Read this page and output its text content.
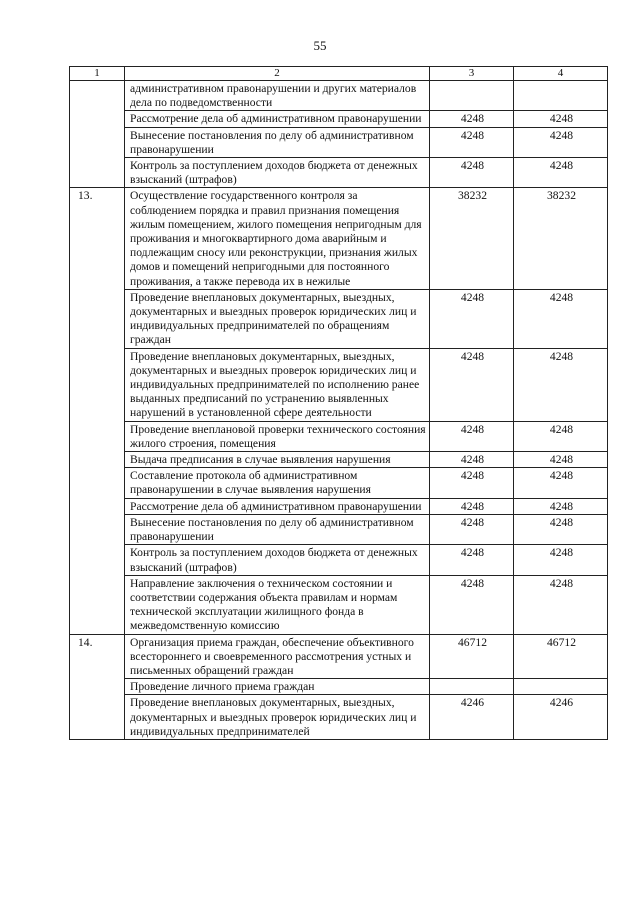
55
1	2	3	4
	административном правонарушении и других материалов дела по подведомственности		
	Рассмотрение дела об административном правонарушении	4248	4248
	Вынесение постановления по делу об административном правонарушении	4248	4248
	Контроль за поступлением доходов бюджета от денежных взысканий (штрафов)	4248	4248
13.	Осуществление государственного контроля за соблюдением порядка и правил признания помещения жилым помещением, жилого помещения непригодным для проживания и многоквартирного дома аварийным и подлежащим сносу или реконструкции, признания жилых домов и помещений непригодными для постоянного проживания, а также перевода их в нежилые	38232	38232
	Проведение внеплановых документарных, выездных, документарных и выездных проверок юридических лиц и индивидуальных предпринимателей по обращениям граждан	4248	4248
	Проведение внеплановых документарных, выездных, документарных и выездных проверок юридических лиц и индивидуальных предпринимателей по исполнению ранее выданных предписаний по устранению выявленных нарушений в установленной сфере деятельности	4248	4248
	Проведение внеплановой проверки технического состояния жилого строения, помещения	4248	4248
	Выдача предписания в случае выявления нарушения	4248	4248
	Составление протокола об административном правонарушении в случае выявления нарушения	4248	4248
	Рассмотрение дела об административном правонарушении	4248	4248
	Вынесение постановления по делу об административном правонарушении	4248	4248
	Контроль за поступлением доходов бюджета от денежных взысканий (штрафов)	4248	4248
	Направление заключения о техническом состоянии и соответствии содержания объекта правилам и нормам технической эксплуатации жилищного фонда в межведомственную комиссию	4248	4248
14.	Организация приема граждан, обеспечение объективного всестороннего и своевременного рассмотрения устных и письменных обращений граждан	46712	46712
	Проведение личного приема граждан		
	Проведение внеплановых документарных, выездных, документарных и выездных проверок юридических лиц и индивидуальных предпринимателей	4246	4246
